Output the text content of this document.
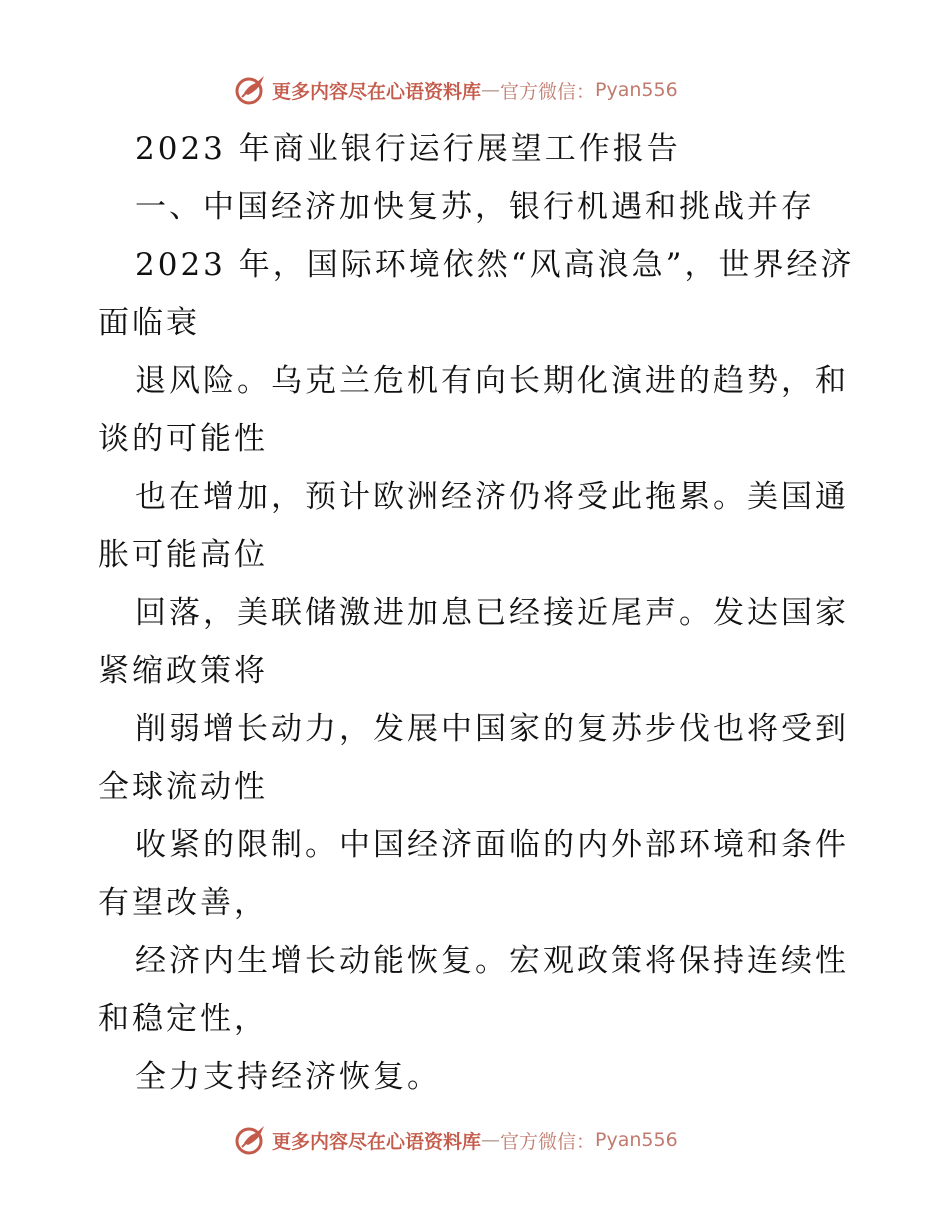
更多内容尽在心语资料库 — 官方微信： Pyan556
2023 年商业银行运行展望工作报告
一、中国经济加快复苏，银行机遇和挑战并存
2023 年，国际环境依然“风高浪急”，世界经济
面临衰
退风险。乌克兰危机有向长期化演进的趋势，和
谈的可能性
也在增加，预计欧洲经济仍将受此拖累。美国通
胀可能高位
回落，美联储激进加息已经接近尾声。发达国家
紧缩政策将
削弱增长动力，发展中国家的复苏步伐也将受到
全球流动性
收紧的限制。中国经济面临的内外部环境和条件
有望改善，
经济内生增长动能恢复。宏观政策将保持连续性
和稳定性，
全力支持经济恢复。
更多内容尽在心语资料库 — 官方微信： Pyan556
